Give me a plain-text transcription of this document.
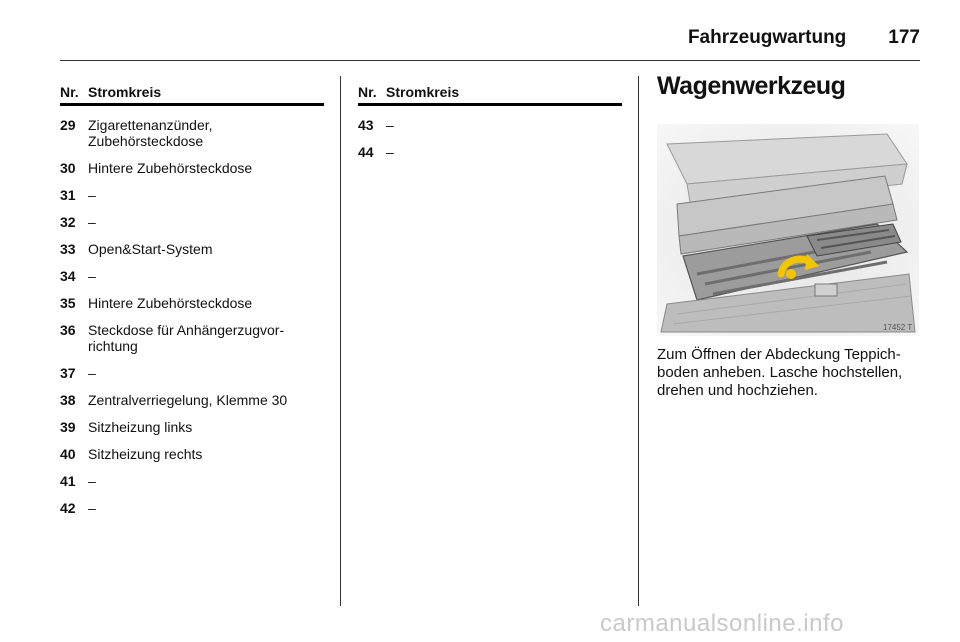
Fahrzeugwartung 177
Nr. Stromkreis
29 Zigarettenanzünder, Zubehörsteckdose
30 Hintere Zubehörsteckdose
31 –
32 –
33 Open&Start-System
34 –
35 Hintere Zubehörsteckdose
36 Steckdose für Anhängerzugvor- richtung
37 –
38 Zentralverriegelung, Klemme 30
39 Sitzheizung links
40 Sitzheizung rechts
41 –
42 –
Nr. Stromkreis
43 –
44 –
Wagenwerkzeug
17452 T
Zum Öffnen der Abdeckung Teppich- boden anheben. Lasche hochstellen, drehen und hochziehen.
carmanualsonline.info
